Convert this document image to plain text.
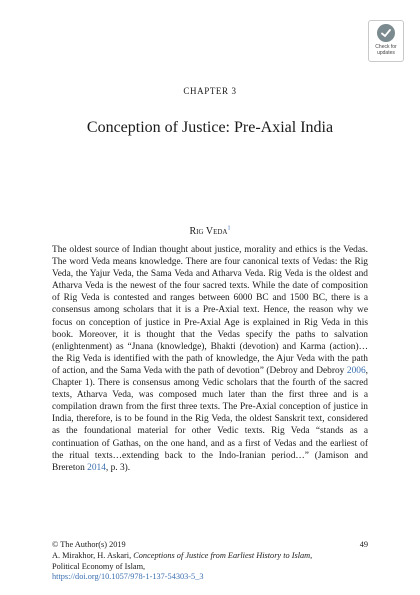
Check for
updates
CHAPTER 3
Conception of Justice: Pre-Axial India
Rig Veda$^1$

The oldest source of Indian thought about justice, morality and ethics is the Vedas. The word Veda means knowledge. There are four canonical texts of Vedas: the Rig Veda, the Yajur Veda, the Sama Veda and Atharva Veda. Rig Veda is the oldest and Atharva Veda is the newest of the four sacred texts. While the date of composition of Rig Veda is contested and ranges between 6000 BC and 1500 BC, there is a consensus among scholars that it is a Pre-Axial text. Hence, the reason why we focus on conception of justice in Pre-Axial Age is explained in Rig Veda in this book. Moreover, it is thought that the Vedas specify the paths to salvation (enlightenment) as “Jnana (knowledge), Bhakti (devotion) and Karma (action)… the Rig Veda is identified with the path of knowledge, the Ajur Veda with the path of action, and the Sama Veda with the path of devotion” (Debroy and Debroy 2006, Chapter 1). There is consensus among Vedic scholars that the fourth of the sacred texts, Atharva Veda, was composed much later than the first three and is a compilation drawn from the first three texts. The Pre-Axial conception of justice in India, therefore, is to be found in the Rig Veda, the oldest Sanskrit text, considered as the foundational material for other Vedic texts. Rig Veda “stands as a continuation of Gathas, on the one hand, and as a first of Vedas and the earliest of the ritual texts…extending back to the Indo-Iranian period…” (Jamison and Brereton 2014, p. 3).

© The Author(s) 2019
A. Mirakhor, H. Askari, Conceptions of Justice from Earliest History to Islam, Political Economy of Islam,
https://doi.org/10.1057/978-1-137-54303-5_3
49
